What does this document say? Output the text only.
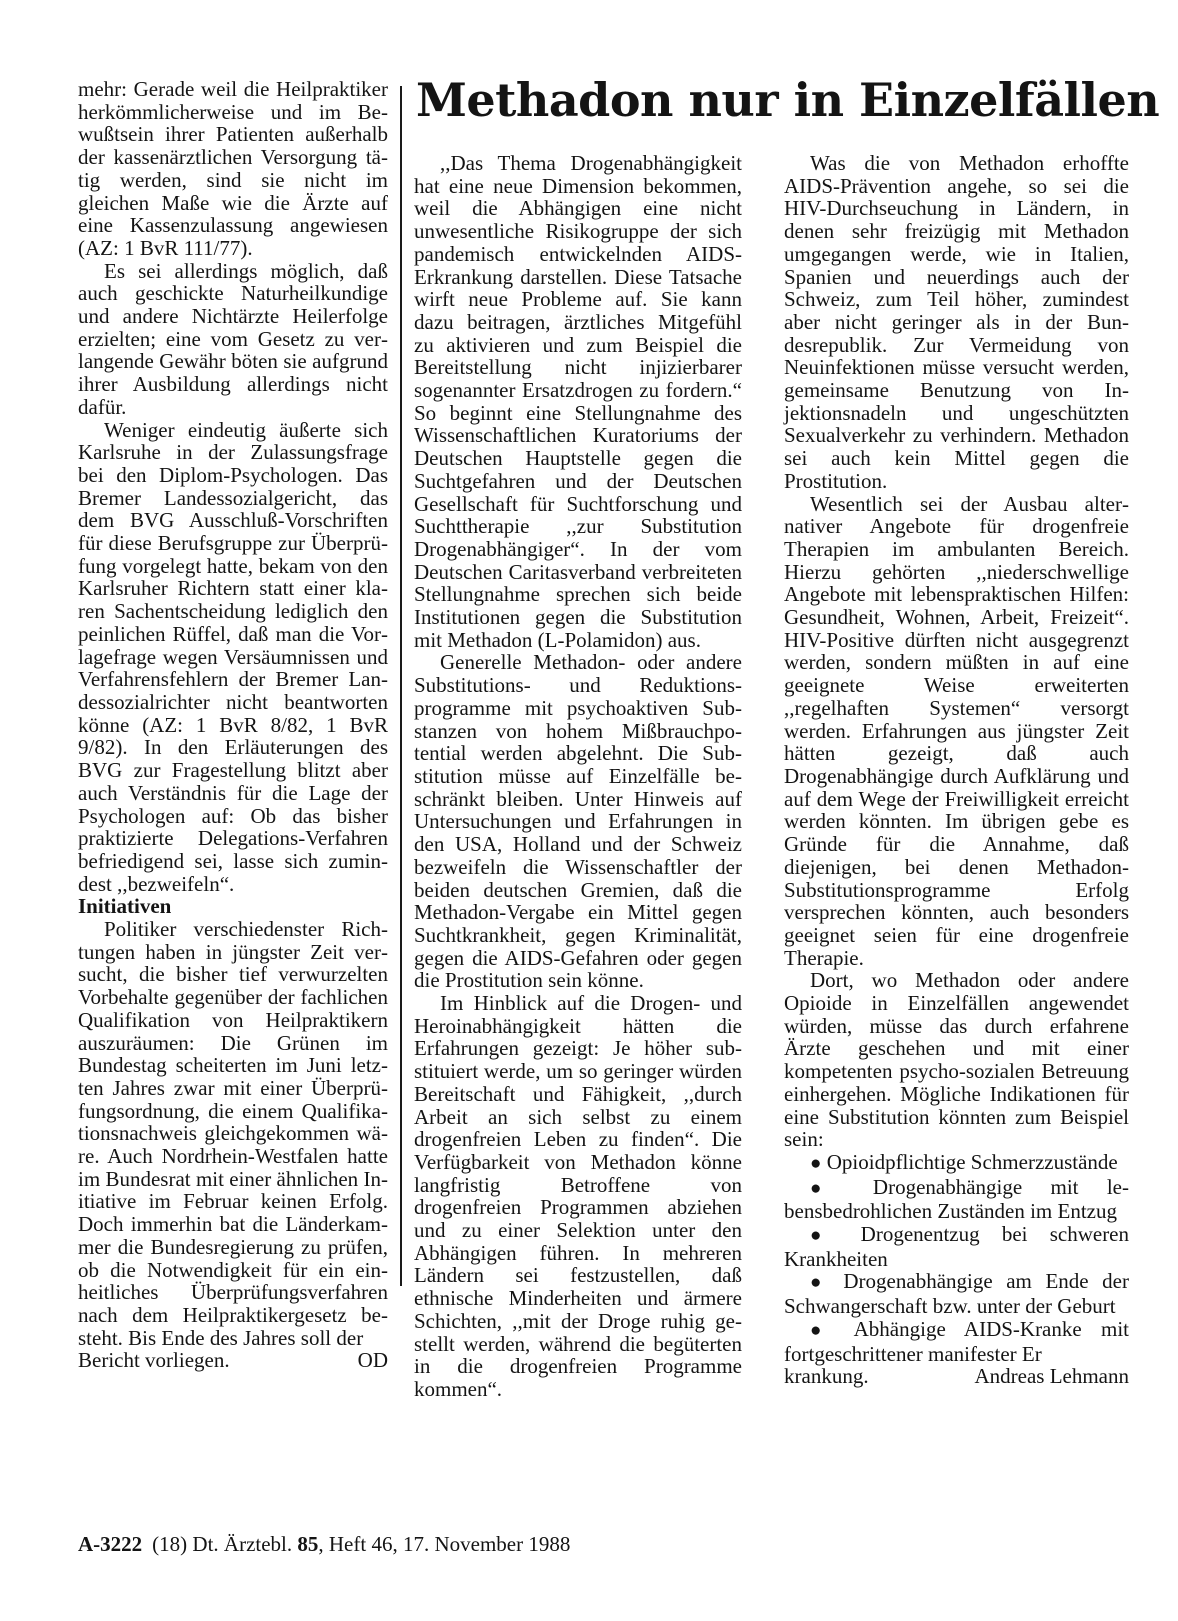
Methadon nur in Einzelfällen

mehr: Gerade weil die Heilpraktiker herkömmlicherweise und im Bewußtsein ihrer Patienten außerhalb der kassenärztlichen Versorgung tätig werden, sind sie nicht im gleichen Maße wie die Ärzte auf eine Kassenzulassung angewiesen (AZ: 1 BvR 111/77).

Es sei allerdings möglich, daß auch geschickte Naturheilkundige und andere Nichtärzte Heilerfolge erzielten; eine vom Gesetz zu verlangende Gewähr böten sie aufgrund ihrer Ausbildung allerdings nicht dafür.

Weniger eindeutig äußerte sich Karlsruhe in der Zulassungsfrage bei den Diplom-Psychologen. Das Bremer Landessozialgericht, das dem BVG Ausschluß-Vorschriften für diese Berufsgruppe zur Überprüfung vorgelegt hatte, bekam von den Karlsruher Richtern statt einer klaren Sachentscheidung lediglich den peinlichen Rüffel, daß man die Vorlagefrage wegen Versäumnissen und Verfahrensfehlern der Bremer Landessozialrichter nicht beantworten könne (AZ: 1 BvR 8/82, 1 BvR 9/82). In den Erläuterungen des BVG zur Fragestellung blitzt aber auch Verständnis für die Lage der Psychologen auf: Ob das bisher praktizierte Delegations-Verfahren befriedigend sei, lasse sich zumindest ,,bezweifeln“.

Initiativen

Politiker verschiedenster Richtungen haben in jüngster Zeit versucht, die bisher tief verwurzelten Vorbehalte gegenüber der fachlichen Qualifikation von Heilpraktikern auszuräumen: Die Grünen im Bundestag scheiterten im Juni letzten Jahres zwar mit einer Überprüfungsordnung, die einem Qualifikationsnachweis gleichgekommen wäre. Auch Nordrhein-Westfalen hatte im Bundesrat mit einer ähnlichen Initiative im Februar keinen Erfolg. Doch immerhin bat die Länderkammer die Bundesregierung zu prüfen, ob die Notwendigkeit für ein einheitliches Überprüfungsverfahren nach dem Heilpraktikergesetz besteht. Bis Ende des Jahres soll der

Bericht vorliegen.	OD

,,Das Thema Drogenabhängigkeit hat eine neue Dimension bekommen, weil die Abhängigen eine nicht unwesentliche Risikogruppe der sich pandemisch entwickelnden AIDS-Erkrankung darstellen. Diese Tatsache wirft neue Probleme auf. Sie kann dazu beitragen, ärztliches Mitgefühl zu aktivieren und zum Beispiel die Bereitstellung nicht injizierbarer sogenannter Ersatzdrogen zu fordern.“ So beginnt eine Stellungnahme des Wissenschaftlichen Kuratoriums der Deutschen Hauptstelle gegen die Suchtgefahren und der Deutschen Gesellschaft für Suchtforschung und Suchttherapie ,,zur Substitution Drogenabhängiger“. In der vom Deutschen Caritasverband verbreiteten Stellungnahme sprechen sich beide Institutionen gegen die Substitution mit Methadon (L-Polamidon) aus.

Generelle Methadon- oder andere Substitutions- und Reduktionsprogramme mit psychoaktiven Substanzen von hohem Mißbrauchpotential werden abgelehnt. Die Substitution müsse auf Einzelfälle beschränkt bleiben. Unter Hinweis auf Untersuchungen und Erfahrungen in den USA, Holland und der Schweiz bezweifeln die Wissenschaftler der beiden deutschen Gremien, daß die Methadon-Vergabe ein Mittel gegen Suchtkrankheit, gegen Kriminalität, gegen die AIDS-Gefahren oder gegen die Prostitution sein könne.

Im Hinblick auf die Drogen- und Heroinabhängigkeit hätten die Erfahrungen gezeigt: Je höher substituiert werde, um so geringer würden Bereitschaft und Fähigkeit, ,,durch Arbeit an sich selbst zu einem drogenfreien Leben zu finden“. Die Verfügbarkeit von Methadon könne langfristig Betroffene von drogenfreien Programmen abziehen und zu einer Selektion unter den Abhängigen führen. In mehreren Ländern sei festzustellen, daß ethnische Minderheiten und ärmere Schichten, ,,mit der Droge ruhig gestellt werden, während die begüterten in die drogenfreien Programme kommen“.

Was die von Methadon erhoffte AIDS-Prävention angehe, so sei die HIV-Durchseuchung in Ländern, in denen sehr freizügig mit Methadon umgegangen werde, wie in Italien, Spanien und neuerdings auch der Schweiz, zum Teil höher, zumindest aber nicht geringer als in der Bundesrepublik. Zur Vermeidung von Neuinfektionen müsse versucht werden, gemeinsame Benutzung von Injektionsnadeln und ungeschützten Sexualverkehr zu verhindern. Methadon sei auch kein Mittel gegen die Prostitution.

Wesentlich sei der Ausbau alternativer Angebote für drogenfreie Therapien im ambulanten Bereich. Hierzu gehörten ,,niederschwellige Angebote mit lebenspraktischen Hilfen: Gesundheit, Wohnen, Arbeit, Freizeit“. HIV-Positive dürften nicht ausgegrenzt werden, sondern müßten in auf eine geeignete Weise erweiterten ,,regelhaften Systemen“ versorgt werden. Erfahrungen aus jüngster Zeit hätten gezeigt, daß auch Drogenabhängige durch Aufklärung und auf dem Wege der Freiwilligkeit erreicht werden könnten. Im übrigen gebe es Gründe für die Annahme, daß diejenigen, bei denen Methadon-Substitutionsprogramme Erfolg versprechen könnten, auch besonders geeignet seien für eine drogenfreie Therapie.

Dort, wo Methadon oder andere Opioide in Einzelfällen angewendet würden, müsse das durch erfahrene Ärzte geschehen und mit einer kompetenten psycho-sozialen Betreuung einhergehen. Mögliche Indikationen für eine Substitution könnten zum Beispiel sein:

● Opioidpflichtige Schmerzzustände

● Drogenabhängige mit lebensbedrohlichen Zuständen im Entzug

● Drogenentzug bei schweren Krankheiten

● Drogenabhängige am Ende der Schwangerschaft bzw. unter der Geburt

● Abhängige AIDS-Kranke mit fortgeschrittener manifester Er

krankung.	Andreas Lehmann

A-3222 (18) Dt. Ärztebl. 85, Heft 46, 17. November 1988
